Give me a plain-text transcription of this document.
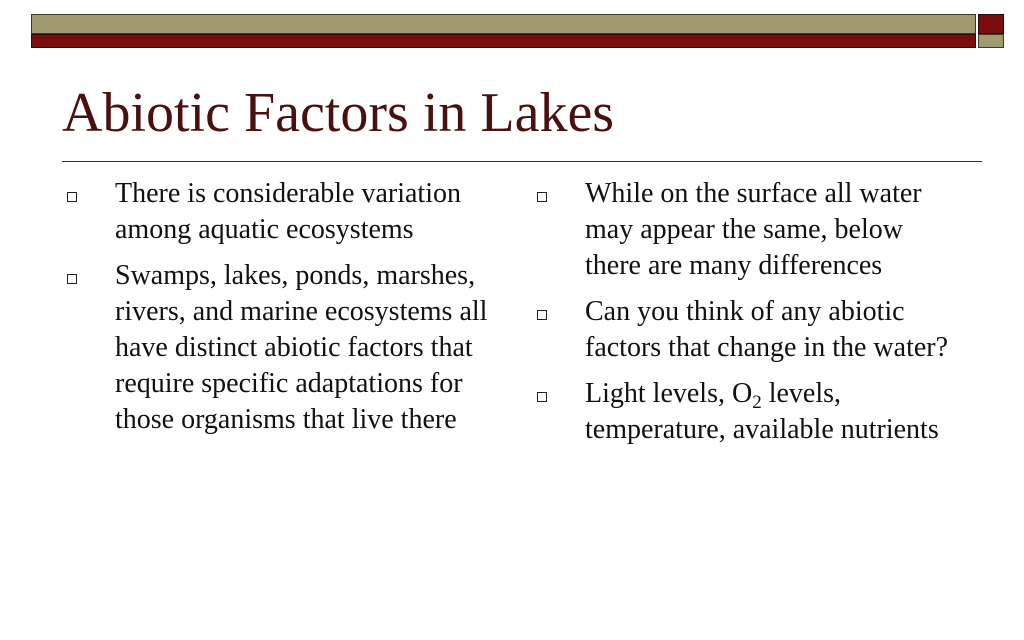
Abiotic Factors in Lakes
There is considerable variation among aquatic ecosystems
Swamps, lakes, ponds, marshes, rivers, and marine ecosystems all have distinct abiotic factors that require specific adaptations for those organisms that live there
While on the surface all water may appear the same, below there are many differences
Can you think of any abiotic factors that change in the water?
Light levels, $O_2$ levels, temperature, available nutrients
